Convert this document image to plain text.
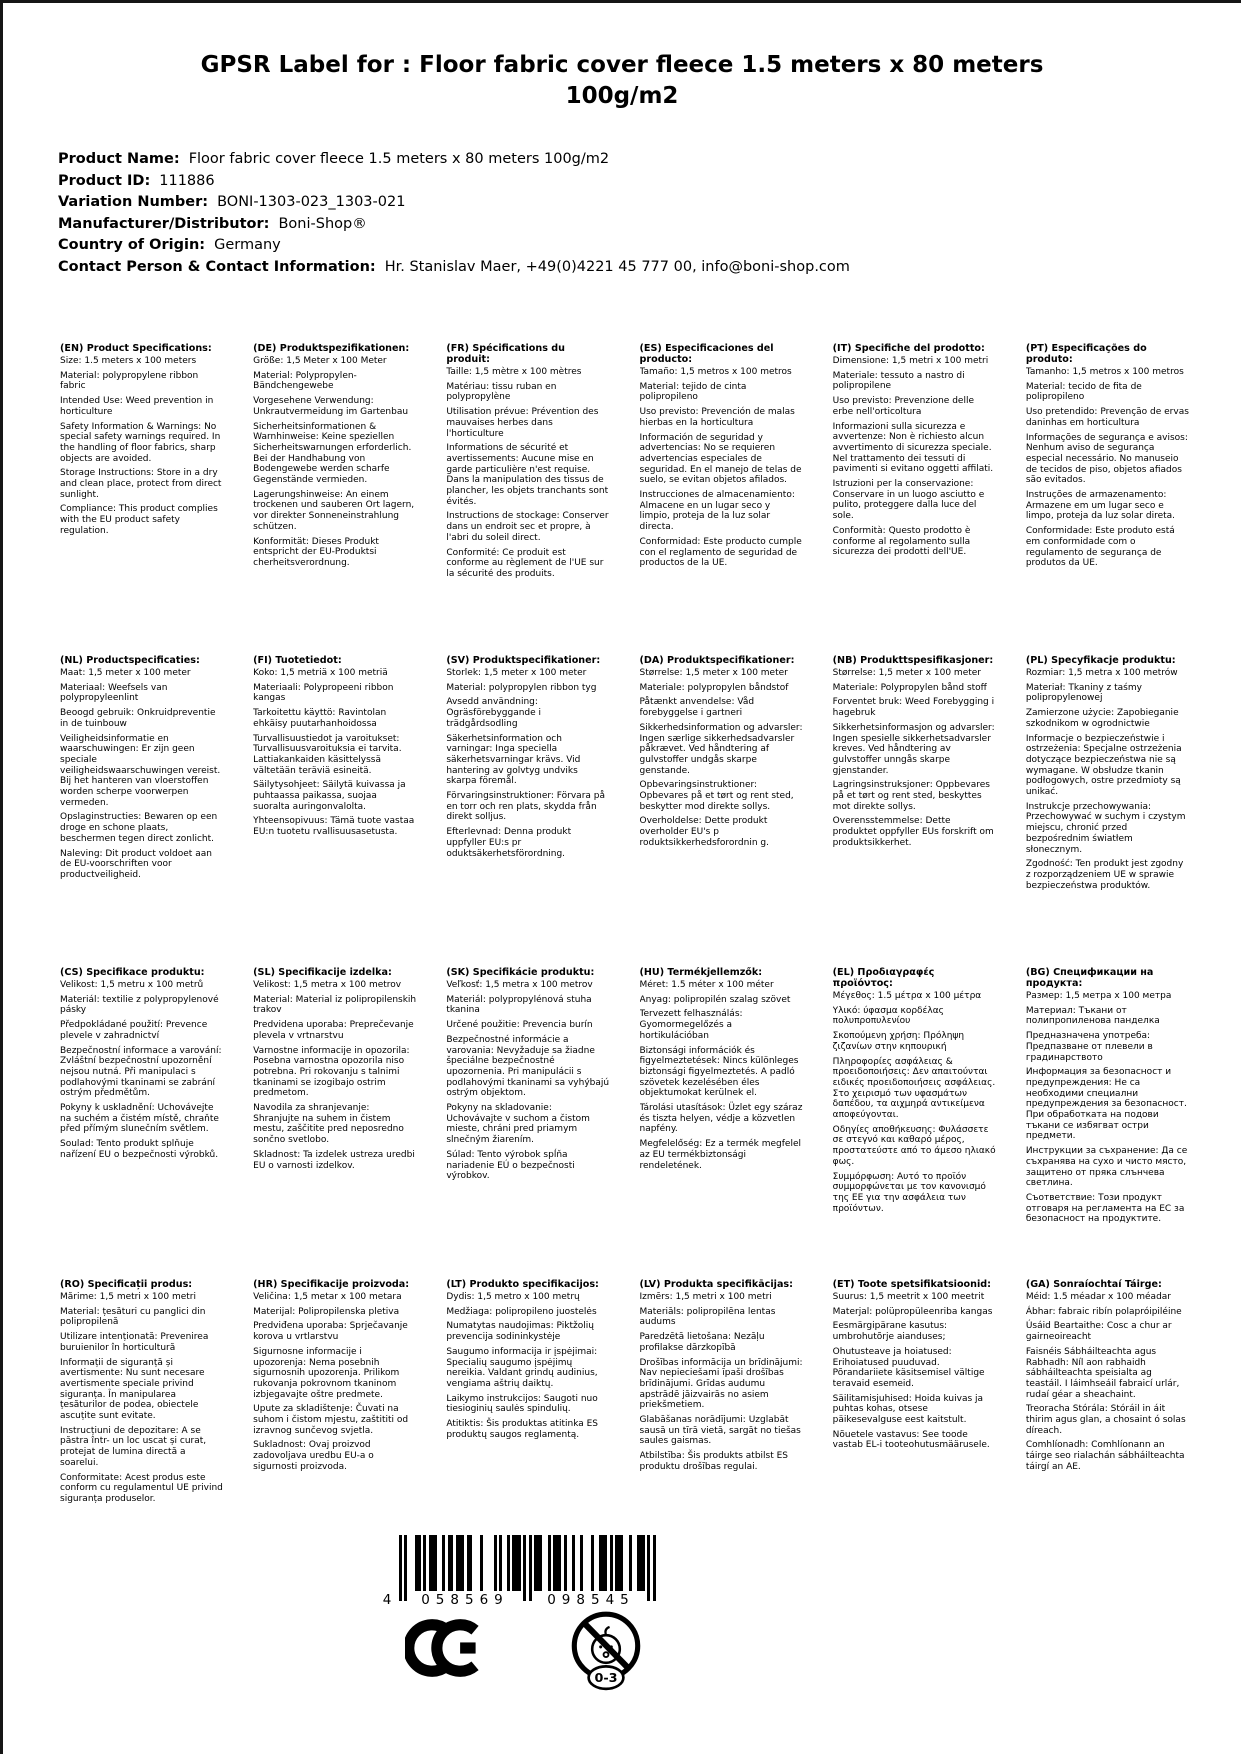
GPSR Label for : Floor fabric cover fleece 1.5 meters x 80 meters 100g/m2
Product Name: Floor fabric cover fleece 1.5 meters x 80 meters 100g/m2
Product ID: 111886
Variation Number: BONI-1303-023_1303-021
Manufacturer/Distributor: Boni-Shop®
Country of Origin: Germany
Contact Person & Contact Information: Hr. Stanislav Maer, +49(0)4221 45 777 00, info@boni-shop.com
(EN) Product Specifications:

Size: 1.5 meters x 100 meters

Material: polypropylene ribbon fabric

Intended Use: Weed prevention in horticulture

Safety Information & Warnings: No special safety warnings required. In the handling of floor fabrics, sharp objects are avoided.

Storage Instructions: Store in a dry and clean place, protect from direct sunlight.

Compliance: This product complies with the EU product safety regulation.

(DE) Produktspezifikationen:

Größe: 1,5 Meter x 100 Meter

Material: Polypropylen-Bändchengewebe

Vorgesehene Verwendung: Unkrautvermeidung im Gartenbau

Sicherheitsinformationen & Warnhinweise: Keine speziellen Sicherheitswarnungen erforderlich. Bei der Handhabung von Bodengewebe werden scharfe Gegenstände vermieden.

Lagerungshinweise: An einem trockenen und sauberen Ort lagern, vor direkter Sonneneinstrahlung schützen.

Konformität: Dieses Produkt entspricht der EU-Produktsi cherheitsverordnung.

(FR) Spécifications du produit:

Taille: 1,5 mètre x 100 mètres

Matériau: tissu ruban en polypropylène

Utilisation prévue: Prévention des mauvaises herbes dans l'horticulture

Informations de sécurité et avertissements: Aucune mise en garde particulière n'est requise. Dans la manipulation des tissus de plancher, les objets tranchants sont évités.

Instructions de stockage: Conserver dans un endroit sec et propre, à l'abri du soleil direct.

Conformité: Ce produit est conforme au règlement de l'UE sur la sécurité des produits.

(ES) Especificaciones del producto:

Tamaño: 1,5 metros x 100 metros

Material: tejido de cinta polipropileno

Uso previsto: Prevención de malas hierbas en la horticultura

Información de seguridad y advertencias: No se requieren advertencias especiales de seguridad. En el manejo de telas de suelo, se evitan objetos afilados.

Instrucciones de almacenamiento: Almacene en un lugar seco y limpio, proteja de la luz solar directa.

Conformidad: Este producto cumple con el reglamento de seguridad de productos de la UE.

(IT) Specifiche del prodotto:

Dimensione: 1,5 metri x 100 metri

Materiale: tessuto a nastro di polipropilene

Uso previsto: Prevenzione delle erbe nell'orticoltura

Informazioni sulla sicurezza e avvertenze: Non è richiesto alcun avvertimento di sicurezza speciale. Nel trattamento dei tessuti di pavimenti si evitano oggetti affilati.

Istruzioni per la conservazione: Conservare in un luogo asciutto e pulito, proteggere dalla luce del sole.

Conformità: Questo prodotto è conforme al regolamento sulla sicurezza dei prodotti dell'UE.

(PT) Especificações do produto:

Tamanho: 1,5 metros x 100 metros

Material: tecido de fita de polipropileno

Uso pretendido: Prevenção de ervas daninhas em horticultura

Informações de segurança e avisos: Nenhum aviso de segurança especial necessário. No manuseio de tecidos de piso, objetos afiados são evitados.

Instruções de armazenamento: Armazene em um lugar seco e limpo, proteja da luz solar direta.

Conformidade: Este produto está em conformidade com o regulamento de segurança de produtos da UE.

(NL) Productspecificaties:

Maat: 1,5 meter x 100 meter

Materiaal: Weefsels van polypropyleenlint

Beoogd gebruik: Onkruidpreventie in de tuinbouw

Veiligheidsinformatie en waarschuwingen: Er zijn geen speciale veiligheidswaarschuwingen vereist. Bij het hanteren van vloerstoffen worden scherpe voorwerpen vermeden.

Opslaginstructies: Bewaren op een droge en schone plaats, beschermen tegen direct zonlicht.

Naleving: Dit product voldoet aan de EU-voorschriften voor productveiligheid.

(FI) Tuotetiedot:

Koko: 1,5 metriä x 100 metriä

Materiaali: Polypropeeni ribbon kangas

Tarkoitettu käyttö: Ravintolan ehkäisy puutarhanhoidossa

Turvallisuustiedot ja varoitukset: Turvallisuusvaroituksia ei tarvita. Lattiakankaiden käsittelyssä vältetään teräviä esineitä.

Säilytysohjeet: Säilytä kuivassa ja puhtaassa paikassa, suojaa suoralta auringonvalolta.

Yhteensopivuus: Tämä tuote vastaa EU:n tuotetu rvallisuusasetusta.

(SV) Produktspecifikationer:

Storlek: 1,5 meter x 100 meter

Material: polypropylen ribbon tyg

Avsedd användning: Ogräsförebyggande i trädgårdsodling

Säkerhetsinformation och varningar: Inga speciella säkerhetsvarningar krävs. Vid hantering av golvtyg undviks skarpa föremål.

Förvaringsinstruktioner: Förvara på en torr och ren plats, skydda från direkt solljus.

Efterlevnad: Denna produkt uppfyller EU:s pr oduktsäkerhetsförordning.

(DA) Produktspecifikationer:

Størrelse: 1,5 meter x 100 meter

Materiale: polypropylen båndstof

Påtænkt anvendelse: Våd forebyggelse i gartneri

Sikkerhedsinformation og advarsler: Ingen særlige sikkerhedsadvarsler påkrævet. Ved håndtering af gulvstoffer undgås skarpe genstande.

Opbevaringsinstruktioner: Opbevares på et tørt og rent sted, beskytter mod direkte sollys.

Overholdelse: Dette produkt overholder EU's p roduktsikkerhedsforordnin g.

(NB) Produkttspesifikasjoner:

Størrelse: 1,5 meter x 100 meter

Materiale: Polypropylen bånd stoff

Forventet bruk: Weed Forebygging i hagebruk

Sikkerhetsinformasjon og advarsler: Ingen spesielle sikkerhetsadvarsler kreves. Ved håndtering av gulvstoffer unngås skarpe gjenstander.

Lagringsinstruksjoner: Oppbevares på et tørt og rent sted, beskyttes mot direkte sollys.

Overensstemmelse: Dette produktet oppfyller EUs forskrift om produktsikkerhet.

(PL) Specyfikacje produktu:

Rozmiar: 1,5 metra x 100 metrów

Materiał: Tkaniny z taśmy polipropylenowej

Zamierzone użycie: Zapobieganie szkodnikom w ogrodnictwie

Informacje o bezpieczeństwie i ostrzeżenia: Specjalne ostrzeżenia dotyczące bezpieczeństwa nie są wymagane. W obsłudze tkanin podłogowych, ostre przedmioty są unikać.

Instrukcje przechowywania: Przechowywać w suchym i czystym miejscu, chronić przed bezpośrednim światłem słonecznym.

Zgodność: Ten produkt jest zgodny z rozporządzeniem UE w sprawie bezpieczeństwa produktów.

(CS) Specifikace produktu:

Velikost: 1,5 metru x 100 metrů

Materiál: textilie z polypropylenové pásky

Předpokládané použití: Prevence plevele v zahradnictví

Bezpečnostní informace a varování: Zvláštní bezpečnostní upozornění nejsou nutná. Při manipulaci s podlahovými tkaninami se zabrání ostrým předmětům.

Pokyny k uskladnění: Uchovávejte na suchém a čistém místě, chraňte před přímým slunečním světlem.

Soulad: Tento produkt splňuje nařízení EU o bezpečnosti výrobků.

(SL) Specifikacije izdelka:

Velikost: 1,5 metra x 100 metrov

Material: Material iz polipropilenskih trakov

Predvidena uporaba: Preprečevanje plevela v vrtnarstvu

Varnostne informacije in opozorila: Posebna varnostna opozorila niso potrebna. Pri rokovanju s talnimi tkaninami se izogibajo ostrim predmetom.

Navodila za shranjevanje: Shranjujte na suhem in čistem mestu, zaščitite pred neposredno sončno svetlobo.

Skladnost: Ta izdelek ustreza uredbi EU o varnosti izdelkov.

(SK) Špecifikácie produktu:

Veľkosť: 1,5 metra x 100 metrov

Materiál: polypropylénová stuha tkanina

Určené použitie: Prevencia burín

Bezpečnostné informácie a varovania: Nevyžaduje sa žiadne špeciálne bezpečnostné upozornenia. Pri manipulácii s podlahovými tkaninami sa vyhýbajú ostrým objektom.

Pokyny na skladovanie: Uchovávajte v suchom a čistom mieste, chráni pred priamym slnečným žiarením.

Súlad: Tento výrobok spĺňa nariadenie EÚ o bezpečnosti výrobkov.

(HU) Termékjellemzők:

Méret: 1.5 méter x 100 méter

Anyag: polipropilén szalag szövet

Tervezett felhasználás: Gyomormegelőzés a hortikulációban

Biztonsági információk és figyelmeztetések: Nincs különleges biztonsági figyelmeztetés. A padló szövetek kezelésében éles objektumokat kerülnek el.

Tárolási utasítások: Üzlet egy száraz és tiszta helyen, védje a közvetlen napfény.

Megfelelőség: Ez a termék megfelel az EU termékbiztonsági rendeletének.

(EL) Προδιαγραφές προϊόντος:

Μέγεθος: 1.5 μέτρα x 100 μέτρα

Υλικό: ύφασμα κορδέλας πολυπροπυλενίου

Σκοπούμενη χρήση: Πρόληψη ζιζανίων στην κηπουρική

Πληροφορίες ασφάλειας & προειδοποιήσεις: Δεν απαιτούνται ειδικές προειδοποιήσεις ασφάλειας. Στο χειρισμό των υφασμάτων δαπέδου, τα αιχμηρά αντικείμενα αποφεύγονται.

Οδηγίες αποθήκευσης: Φυλάσσετε σε στεγνό και καθαρό μέρος, προστατεύστε από το άμεσο ηλιακό φως.

Συμμόρφωση: Αυτό το προϊόν συμμορφώνεται με τον κανονισμό της ΕΕ για την ασφάλεια των προϊόντων.

(BG) Спецификации на продукта:

Размер: 1,5 метра x 100 метра

Материал: Тъкани от полипропиленова панделка

Предназначена употреба: Предпазване от плевели в градинарството

Информация за безопасност и предупреждения: Не са необходими специални предупреждения за безопасност. При обработката на подови тъкани се избягват остри предмети.

Инструкции за съхранение: Да се съхранява на сухо и чисто място, защитено от пряка слънчева светлина.

Съответствие: Този продукт отговаря на регламента на ЕС за безопасност на продуктите.

(RO) Specificații produs:

Mărime: 1,5 metri x 100 metri

Material: țesături cu panglici din polipropilenă

Utilizare intenționată: Prevenirea buruienilor în horticultură

Informații de siguranță și avertismente: Nu sunt necesare avertismente speciale privind siguranța. În manipularea țesăturilor de podea, obiectele ascuțite sunt evitate.

Instrucțiuni de depozitare: A se păstra într- un loc uscat și curat, protejat de lumina directă a soarelui.

Conformitate: Acest produs este conform cu regulamentul UE privind siguranța produselor.

(HR) Specifikacije proizvoda:

Veličina: 1,5 metar x 100 metara

Materijal: Polipropilenska pletiva

Predviđena uporaba: Sprječavanje korova u vrtlarstvu

Sigurnosne informacije i upozorenja: Nema posebnih sigurnosnih upozorenja. Prilikom rukovanja pokrovnom tkaninom izbjegavajte oštre predmete.

Upute za skladištenje: Čuvati na suhom i čistom mjestu, zaštititi od izravnog sunčevog svjetla.

Sukladnost: Ovaj proizvod zadovoljava uredbu EU-a o sigurnosti proizvoda.

(LT) Produkto specifikacijos:

Dydis: 1,5 metro x 100 metrų

Medžiaga: polipropileno juostelės

Numatytas naudojimas: Piktžolių prevencija sodininkystėje

Saugumo informacija ir įspėjimai: Specialių saugumo įspėjimų nereikia. Valdant grindų audinius, vengiama aštrių daiktų.

Laikymo instrukcijos: Saugoti nuo tiesioginių saulės spindulių.

Atitiktis: Šis produktas atitinka ES produktų saugos reglamentą.

(LV) Produkta specifikācijas:

Izmērs: 1,5 metri x 100 metri

Materiāls: polipropilēna lentas audums

Paredzētā lietošana: Nezāļu profilakse dārzkopībā

Drošības informācija un brīdinājumi: Nav nepieciešami īpaši drošības brīdinājumi. Grīdas audumu apstrādē jāizvairās no asiem priekšmetiem.

Glabāšanas norādījumi: Uzglabāt sausā un tīrā vietā, sargāt no tiešas saules gaismas.

Atbilstība: Šis produkts atbilst ES produktu drošības regulai.

(ET) Toote spetsifikatsioonid:

Suurus: 1,5 meetrit x 100 meetrit

Materjal: polüpropüleenriba kangas

Eesmärgipärane kasutus: umbrohutõrje aianduses;

Ohutusteave ja hoiatused: Erihoiatused puuduvad. Põrandariiete käsitsemisel vältige teravaid esemeid.

Säilitamisjuhised: Hoida kuivas ja puhtas kohas, otsese päikesevalguse eest kaitstult.

Nõuetele vastavus: See toode vastab EL-i tooteohutusmäärusele.

(GA) Sonraíochtaí Táirge:

Méid: 1.5 méadar x 100 méadar

Ábhar: fabraic ribín polapróipiléine

Úsáid Beartaithe: Cosc a chur ar gairneoireacht

Faisnéis Sábháilteachta agus Rabhadh: Níl aon rabhaidh sábháilteachta speisialta ag teastáil. I láimhseáil fabraicí urlár, rudaí géar a sheachaint.

Treoracha Stórála: Stóráil in áit thirim agus glan, a chosaint ó solas díreach.

Comhlíonadh: Comhlíonann an táirge seo rialachán sábháilteachta táirgí an AE.

4	058569	098545
0-3
